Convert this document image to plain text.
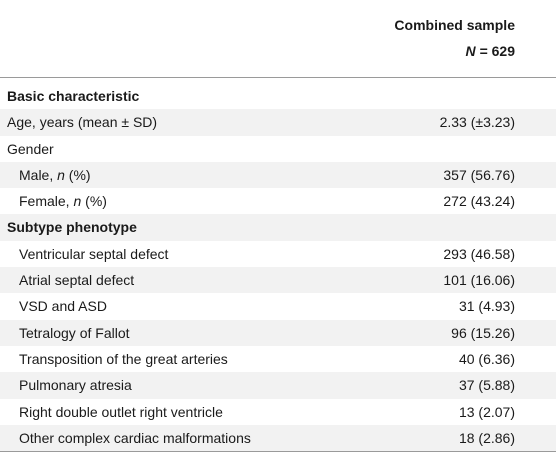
Combined sample
N = 629
Basic characteristic
Age, years (mean ± SD)	2.33 (±3.23)
Gender
Male, n (%)	357 (56.76)
Female, n (%)	272 (43.24)
Subtype phenotype
Ventricular septal defect	293 (46.58)
Atrial septal defect	101 (16.06)
VSD and ASD	31 (4.93)
Tetralogy of Fallot	96 (15.26)
Transposition of the great arteries	40 (6.36)
Pulmonary atresia	37 (5.88)
Right double outlet right ventricle	13 (2.07)
Other complex cardiac malformations	18 (2.86)
